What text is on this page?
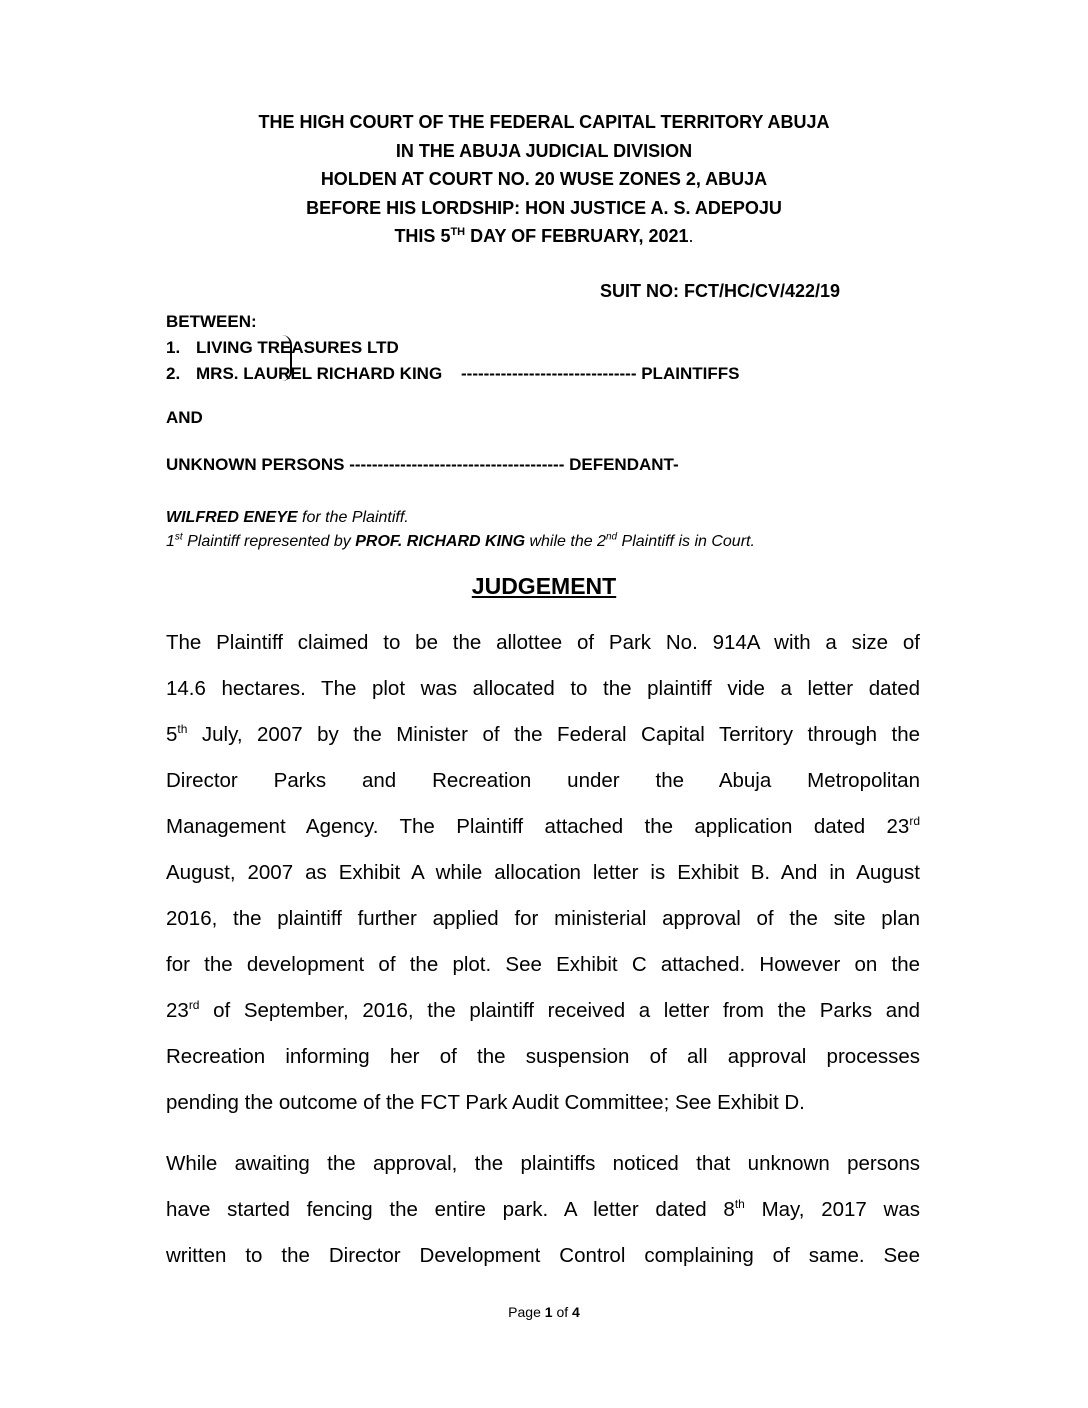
THE HIGH COURT OF THE FEDERAL CAPITAL TERRITORY ABUJA
IN THE ABUJA JUDICIAL DIVISION
HOLDEN AT COURT NO. 20 WUSE ZONES 2, ABUJA
BEFORE HIS LORDSHIP: HON JUSTICE A. S. ADEPOJU
THIS 5TH DAY OF FEBRUARY, 2021.
SUIT NO: FCT/HC/CV/422/19
BETWEEN:
1. LIVING TREASURES LTD
2. MRS. LAUREL RICHARD KING ------------------------------- PLAINTIFFS
AND
UNKNOWN PERSONS -------------------------------------- DEFENDANT-
WILFRED ENEYE for the Plaintiff.
1st Plaintiff represented by PROF. RICHARD KING while the 2nd Plaintiff is in Court.
JUDGEMENT
The Plaintiff claimed to be the allottee of Park No. 914A with a size of
14.6 hectares. The plot was allocated to the plaintiff vide a letter dated
5th July, 2007 by the Minister of the Federal Capital Territory through the
Director Parks and Recreation under the Abuja Metropolitan
Management Agency. The Plaintiff attached the application dated 23rd
August, 2007 as Exhibit A while allocation letter is Exhibit B. And in August
2016, the plaintiff further applied for ministerial approval of the site plan
for the development of the plot. See Exhibit C attached. However on the
23rd of September, 2016, the plaintiff received a letter from the Parks and
Recreation informing her of the suspension of all approval processes
pending the outcome of the FCT Park Audit Committee; See Exhibit D.
While awaiting the approval, the plaintiffs noticed that unknown persons
have started fencing the entire park. A letter dated 8th May, 2017 was
written to the Director Development Control complaining of same. See
Page 1 of 4
